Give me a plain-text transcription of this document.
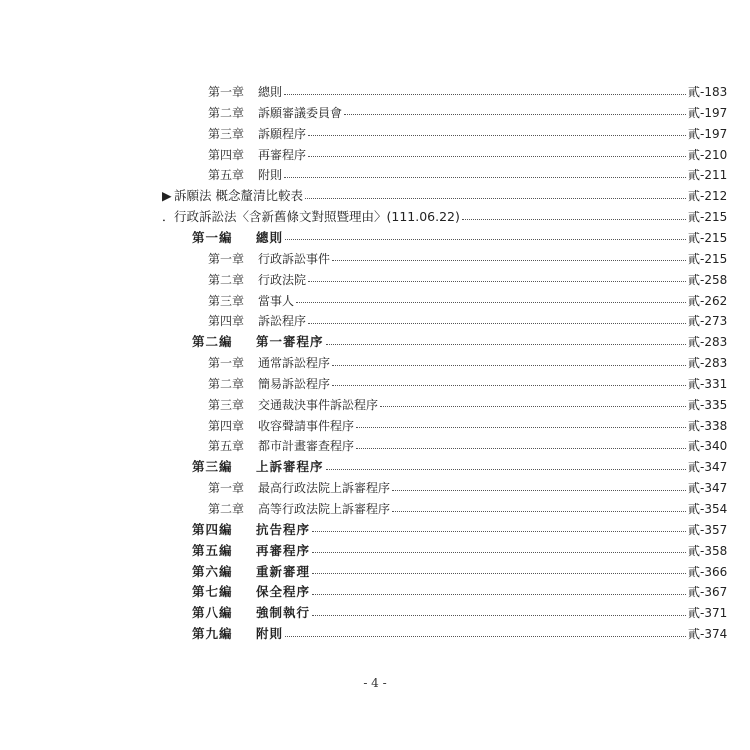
第一章	總則	貳-183
第二章	訴願審議委員會	貳-197
第三章	訴願程序	貳-197
第四章	再審程序	貳-210
第五章	附則	貳-211
▶ 訴願法 概念釐清比較表	貳-212
． 行政訴訟法〈含新舊條文對照暨理由〉(111.06.22)	貳-215
第一編	總則	貳-215
第一章	行政訴訟事件	貳-215
第二章	行政法院	貳-258
第三章	當事人	貳-262
第四章	訴訟程序	貳-273
第二編	第一審程序	貳-283
第一章	通常訴訟程序	貳-283
第二章	簡易訴訟程序	貳-331
第三章	交通裁決事件訴訟程序	貳-335
第四章	收容聲請事件程序	貳-338
第五章	都市計畫審查程序	貳-340
第三編	上訴審程序	貳-347
第一章	最高行政法院上訴審程序	貳-347
第二章	高等行政法院上訴審程序	貳-354
第四編	抗告程序	貳-357
第五編	再審程序	貳-358
第六編	重新審理	貳-366
第七編	保全程序	貳-367
第八編	強制執行	貳-371
第九編	附則	貳-374
- 4 -
